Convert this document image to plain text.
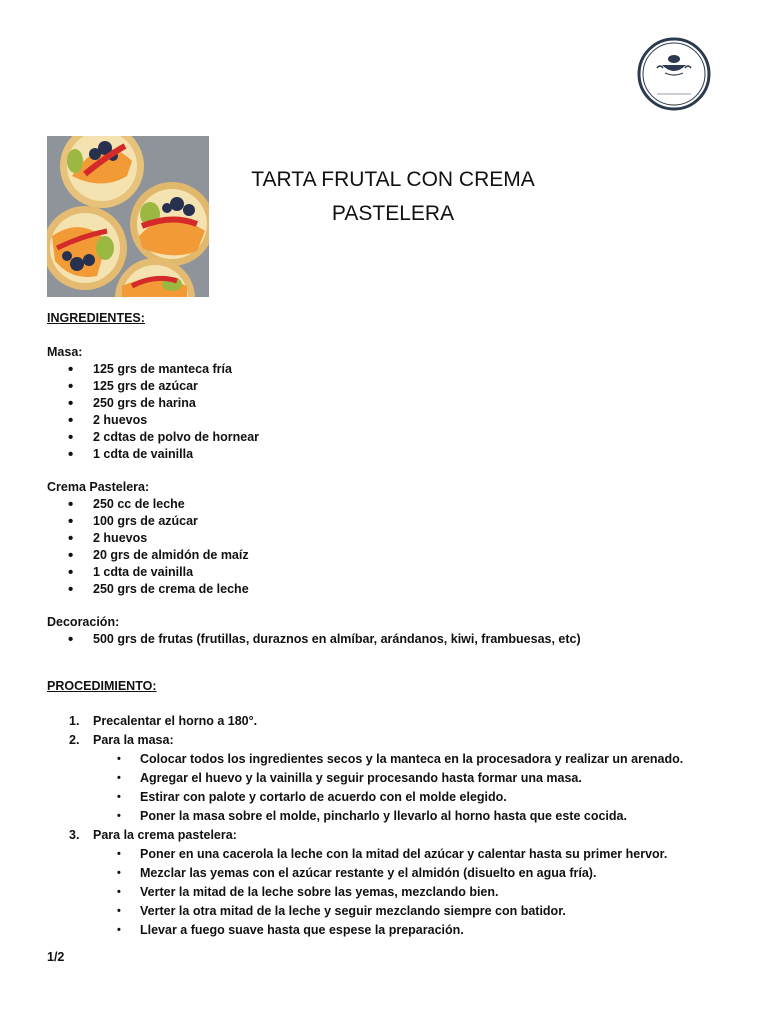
TARTA FRUTAL CON CREMA
PASTELERA

INGREDIENTES:

Masa:

• 125 grs de manteca fría
• 125 grs de azúcar
• 250 grs de harina
• 2 huevos
• 2 cdtas de polvo de hornear
• 1 cdta de vainilla

Crema Pastelera:

• 250 cc de leche
• 100 grs de azúcar
• 2 huevos
• 20 grs de almidón de maíz
• 1 cdta de vainilla
• 250 grs de crema de leche

Decoración:

• 500 grs de frutas (frutillas, duraznos en almíbar, arándanos, kiwi, frambuesas, etc)

PROCEDIMIENTO:

1. Precalentar el horno a 180°.
2. Para la masa:
• Colocar todos los ingredientes secos y la manteca en la procesadora y realizar un arenado.
• Agregar el huevo y la vainilla y seguir procesando hasta formar una masa.
• Estirar con palote y cortarlo de acuerdo con el molde elegido.
• Poner la masa sobre el molde, pincharlo y llevarlo al horno hasta que este cocida.
3. Para la crema pastelera:
• Poner en una cacerola la leche con la mitad del azúcar y calentar hasta su primer hervor.
• Mezclar las yemas con el azúcar restante y el almidón (disuelto en agua fría).
• Verter la mitad de la leche sobre las yemas, mezclando bien.
• Verter la otra mitad de la leche y seguir mezclando siempre con batidor.
• Llevar a fuego suave hasta que espese la preparación.
1/2
